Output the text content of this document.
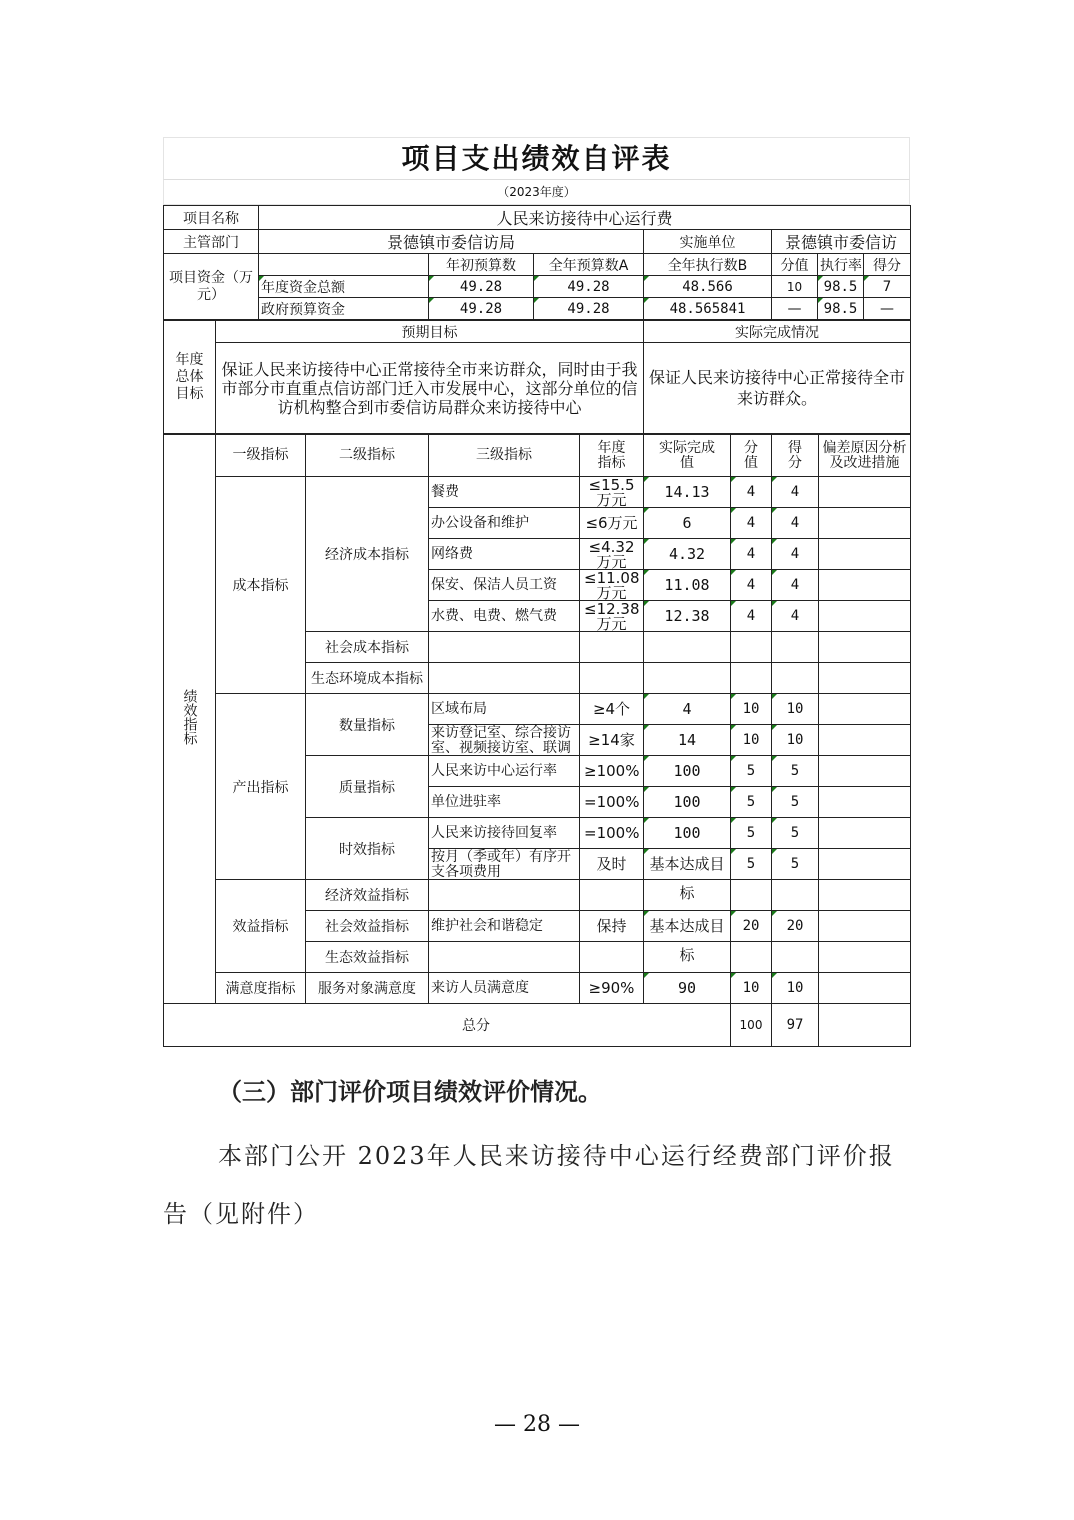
项目支出绩效自评表
（2023年度）
项目名称	人民来访接待中心运行费						
主管部门	景德镇市委信访局			实施单位	景德镇市委信访		
项目资金（万元）		年初预算数	全年预算数A	全年执行数B	分值	执行率	得分
	年度资金总额	49.28	49.28	48.566	10	98.5	7
	政府预算资金	49.28	49.28	48.565841	—	98.5	—
年度总体目标	预期目标	实际完成情况
	保证人民来访接待中心正常接待全市来访群众，同时由于我市部分市直重点信访部门迁入市发展中心，这部分单位的信访机构整合到市委信访局群众来访接待中心	保证人民来访接待中心正常接待全市来访群众。
绩效指标	一级指标	二级指标	三级指标	年度指标	实际完成值	分值	得分	偏差原因分析及改进措施
	成本指标	经济成本指标	餐费	≤15.5万元	14.13	4	4	

			办公设备和维护	≤6万元	6	4	4	

			网络费	≤4.32万元	4.32	4	4	

			保安、保洁人员工资	≤11.08万元	11.08	4	4	

			水费、电费、燃气费	≤12.38万元	12.38	4	4	
		社会成本指标	

		生态环境成本指标	

	产出指标	数量指标	区域布局	≥4个	4	10	10	

			来访登记室、综合接访室、视频接访室、联调	≥14家	14	10	10	
		质量指标	人民来访中心运行率	≥100%	100	5	5	

			单位进驻率	=100%	100	5	5	
		时效指标	人民来访接待回复率	=100%	100	5	5	

			按月（季或年）有序开支各项费用	及时	基本达成目标	5	5	
	效益指标	经济效益指标	

		社会效益指标	维护社会和谐稳定	保持	基本达成目标	20	20	
		生态效益指标	

	满意度指标	服务对象满意度	来访人员满意度	≥90%	90	10	10	
总分						100	97	
（三）部门评价项目绩效评价情况。
本部门公开 2023年人民来访接待中心运行经费部门评价报告（见附件）
— 28 —
